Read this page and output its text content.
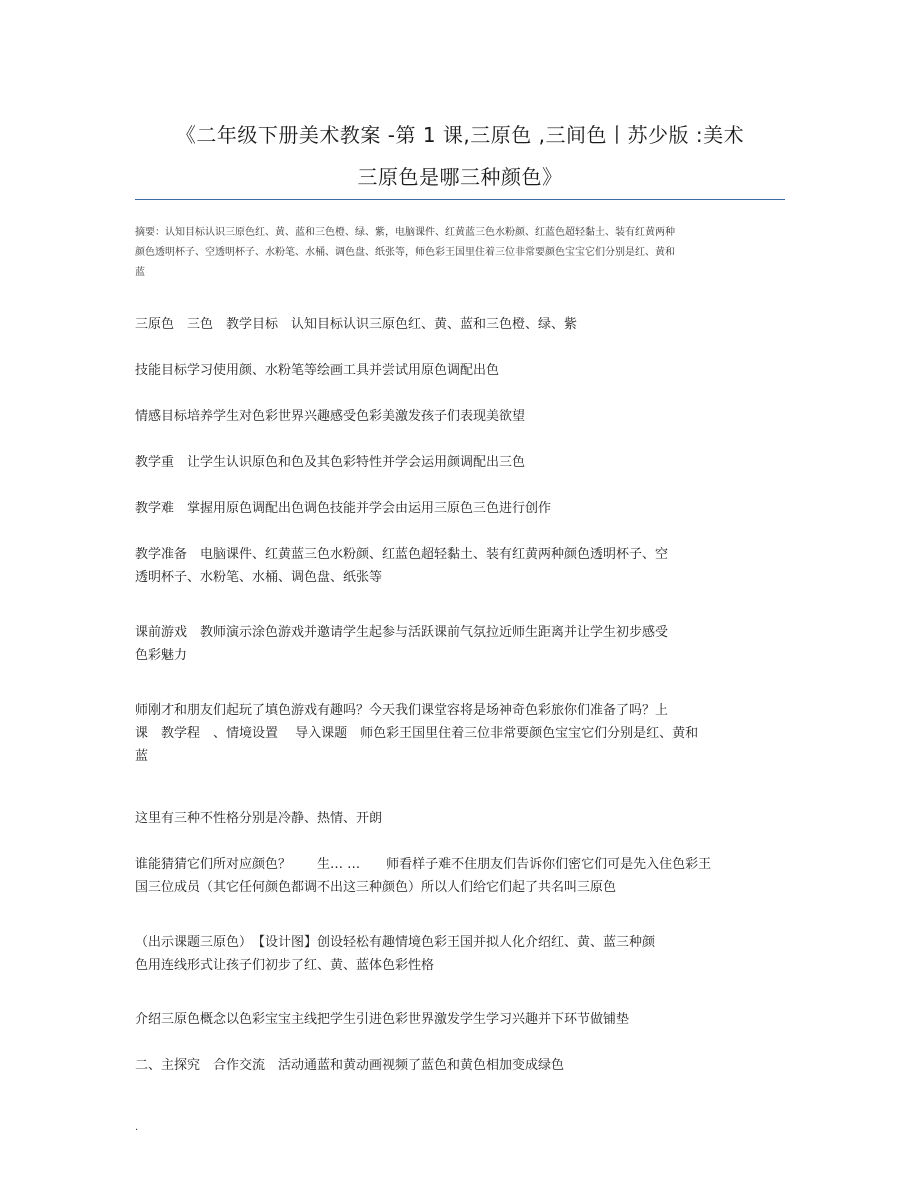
《二年级下册美术教案 -第 1 课,三原色 ,三间色丨苏少版 :美术
三原色是哪三种颜色》

摘要：认知目标认识三原色红、黄、蓝和三色橙、绿、紫，电脑课件、红黄蓝三色水粉颜、红蓝色超轻黏土、装有红黄两种

颜色透明杯子、空透明杯子、水粉笔、水桶、调色盘、纸张等，师色彩王国里住着三位非常要颜色宝宝它们分别是红、黄和

蓝

三原色　三色　教学目标　认知目标认识三原色红、黄、蓝和三色橙、绿、紫

技能目标学习使用颜、水粉笔等绘画工具并尝试用原色调配出色

情感目标培养学生对色彩世界兴趣感受色彩美激发孩子们表现美欲望

教学重　让学生认识原色和色及其色彩特性并学会运用颜调配出三色

教学难　掌握用原色调配出色调色技能并学会由运用三原色三色进行创作

教学准备　电脑课件、红黄蓝三色水粉颜、红蓝色超轻黏土、装有红黄两种颜色透明杯子、空
透明杯子、水粉笔、水桶、调色盘、纸张等

课前游戏　教师演示涂色游戏并邀请学生起参与活跃课前气氛拉近师生距离并让学生初步感受
色彩魅力

师刚才和朋友们起玩了填色游戏有趣吗？今天我们课堂容将是场神奇色彩旅你们准备了吗？上
课　教学程　、情境设置　 导入课题　师色彩王国里住着三位非常要颜色宝宝它们分别是红、黄和
蓝

这里有三种不性格分别是冷静、热情、开朗

谁能猜猜它们所对应颜色？　　生… …　　师看样子难不住朋友们告诉你们密它们可是先入住色彩王
国三位成员（其它任何颜色都调不出这三种颜色）所以人们给它们起了共名叫三原色

（出示课题三原色）　【设计图】创设轻松有趣情境色彩王国并拟人化介绍红、黄、蓝三种颜
色用连线形式让孩子们初步了红、黄、蓝体色彩性格

介绍三原色概念以色彩宝宝主线把学生引进色彩世界激发学生学习兴趣并下环节做铺垫

二、主探究　合作交流　活动通蓝和黄动画视频了蓝色和黄色相加变成绿色

.
